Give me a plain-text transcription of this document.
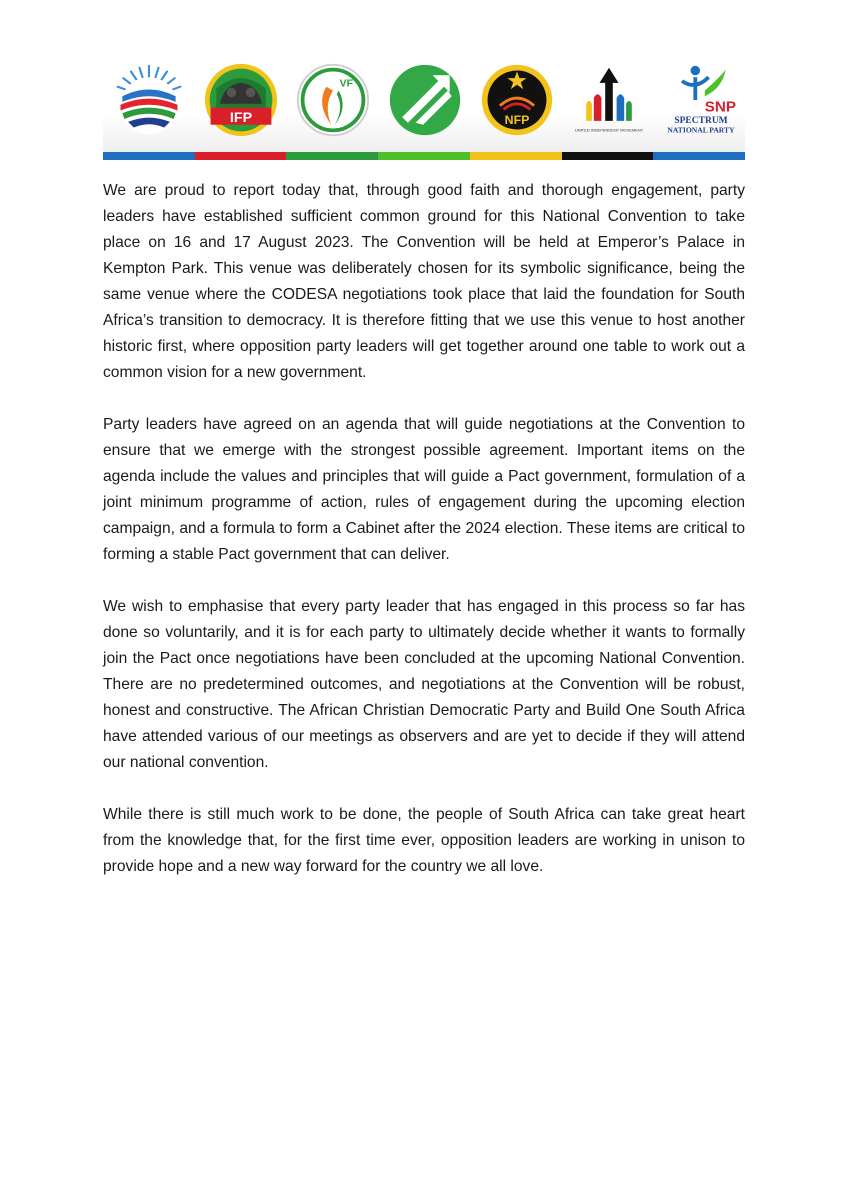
IFP
VF
NFP
UNITED INDEPENDENT MOVEMENT
SNP
SPECTRUM
NATIONAL PARTY

We are proud to report today that, through good faith and thorough engagement, party leaders have established sufficient common ground for this National Convention to take place on 16 and 17 August 2023. The Convention will be held at Emperor’s Palace in Kempton Park. This venue was deliberately chosen for its symbolic significance, being the same venue where the CODESA negotiations took place that laid the foundation for South Africa’s transition to democracy. It is therefore fitting that we use this venue to host another historic first, where opposition party leaders will get together around one table to work out a common vision for a new government.

Party leaders have agreed on an agenda that will guide negotiations at the Convention to ensure that we emerge with the strongest possible agreement. Important items on the agenda include the values and principles that will guide a Pact government, formulation of a joint minimum programme of action, rules of engagement during the upcoming election campaign, and a formula to form a Cabinet after the 2024 election. These items are critical to forming a stable Pact government that can deliver.

We wish to emphasise that every party leader that has engaged in this process so far has done so voluntarily, and it is for each party to ultimately decide whether it wants to formally join the Pact once negotiations have been concluded at the upcoming National Convention. There are no predetermined outcomes, and negotiations at the Convention will be robust, honest and constructive. The African Christian Democratic Party and Build One South Africa have attended various of our meetings as observers and are yet to decide if they will attend our national convention.

While there is still much work to be done, the people of South Africa can take great heart from the knowledge that, for the first time ever, opposition leaders are working in unison to provide hope and a new way forward for the country we all love.
